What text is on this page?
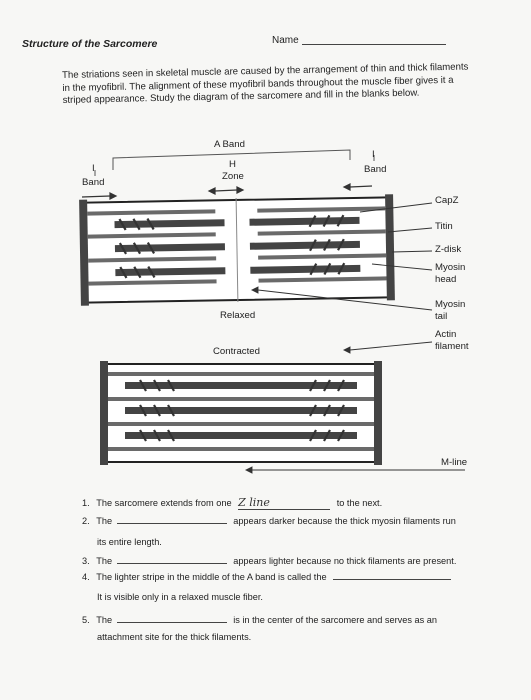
Structure of the Sarcomere	Name
The striations seen in skeletal muscle are caused by the arrangement of thin and thick filaments in the myofibril. The alignment of these myofibril bands throughout the muscle fiber gives it a striped appearance. Study the diagram of the sarcomere and fill in the blanks below.
A Band
H
Zone
I
Band
I
Band
Relaxed
Contracted
CapZ
Titin
Z-disk
Myosin
head
Myosin
tail
Actin
filament
M-line
1. The sarcomere extends from one Z line	to the next.
2. The	appears darker because the thick myosin filaments run
its entire length.
3. The	appears lighter because no thick filaments are present.
4. The lighter stripe in the middle of the A band is called the
It is visible only in a relaxed muscle fiber.
5. The	is in the center of the sarcomere and serves as an
attachment site for the thick filaments.
